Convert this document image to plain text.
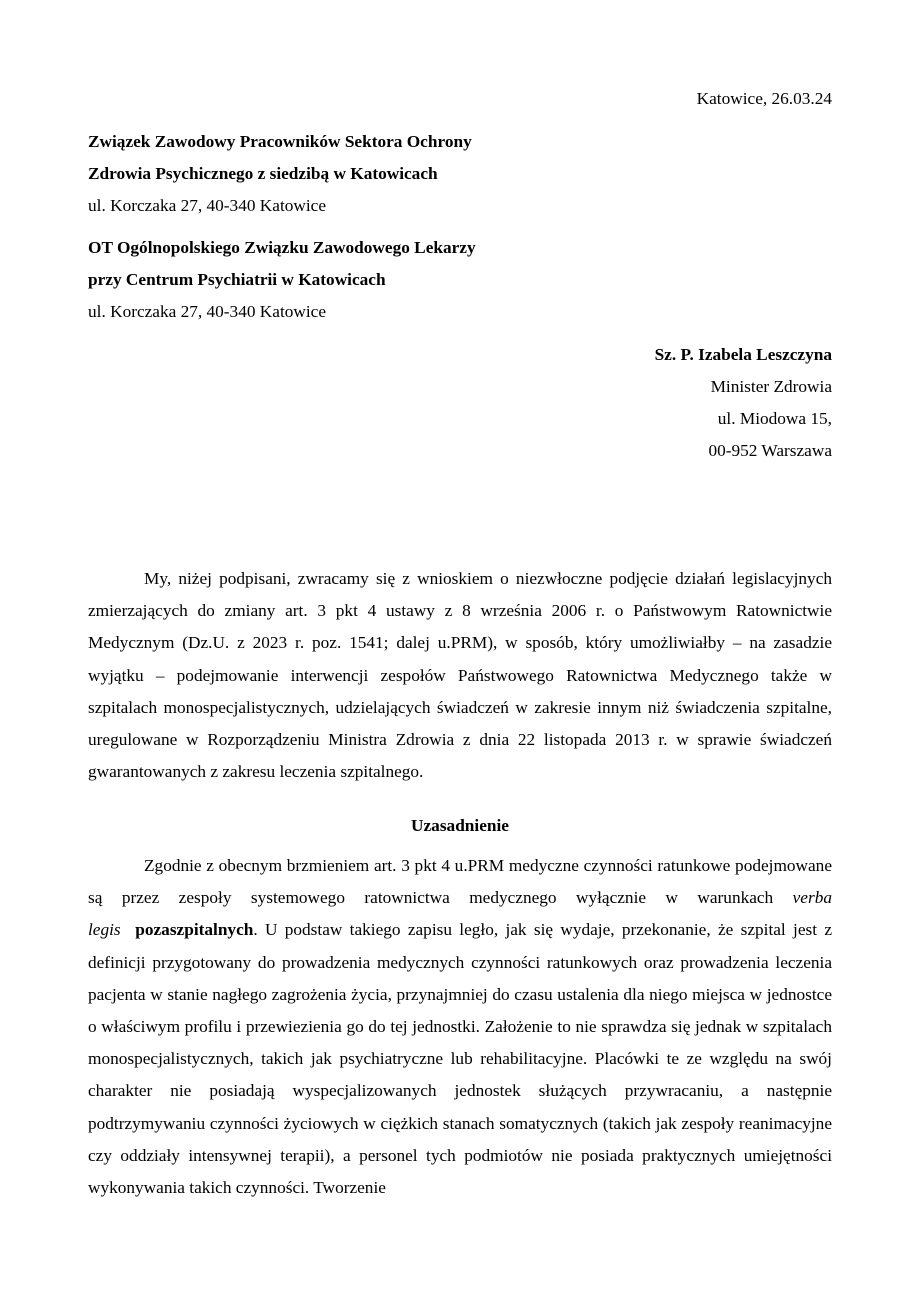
Katowice, 26.03.24
Związek Zawodowy Pracowników Sektora Ochrony
Zdrowia Psychicznego z siedzibą w Katowicach
ul. Korczaka 27, 40-340 Katowice
OT Ogólnopolskiego Związku Zawodowego Lekarzy
przy Centrum Psychiatrii w Katowicach
ul. Korczaka 27, 40-340 Katowice
Sz. P. Izabela Leszczyna
Minister Zdrowia
ul. Miodowa 15,
00-952 Warszawa

My, niżej podpisani, zwracamy się z wnioskiem o niezwłoczne podjęcie działań legislacyjnych zmierzających do zmiany art. 3 pkt 4 ustawy z 8 września 2006 r. o Państwowym Ratownictwie Medycznym (Dz.U. z 2023 r. poz. 1541; dalej u.PRM), w sposób, który umożliwiałby – na zasadzie wyjątku – podejmowanie interwencji zespołów Państwowego Ratownictwa Medycznego także w szpitalach monospecjalistycznych, udzielających świadczeń w zakresie innym niż świadczenia szpitalne, uregulowane w Rozporządzeniu Ministra Zdrowia z dnia 22 listopada 2013 r. w sprawie świadczeń gwarantowanych z zakresu leczenia szpitalnego.

Uzasadnienie

Zgodnie z obecnym brzmieniem art. 3 pkt 4 u.PRM medyczne czynności ratunkowe podejmowane są przez zespoły systemowego ratownictwa medycznego wyłącznie w warunkach verba legis pozaszpitalnych. U podstaw takiego zapisu legło, jak się wydaje, przekonanie, że szpital jest z definicji przygotowany do prowadzenia medycznych czynności ratunkowych oraz prowadzenia leczenia pacjenta w stanie nagłego zagrożenia życia, przynajmniej do czasu ustalenia dla niego miejsca w jednostce o właściwym profilu i przewiezienia go do tej jednostki. Założenie to nie sprawdza się jednak w szpitalach monospecjalistycznych, takich jak psychiatryczne lub rehabilitacyjne. Placówki te ze względu na swój charakter nie posiadają wyspecjalizowanych jednostek służących przywracaniu, a następnie podtrzymywaniu czynności życiowych w ciężkich stanach somatycznych (takich jak zespoły reanimacyjne czy oddziały intensywnej terapii), a personel tych podmiotów nie posiada praktycznych umiejętności wykonywania takich czynności. Tworzenie
